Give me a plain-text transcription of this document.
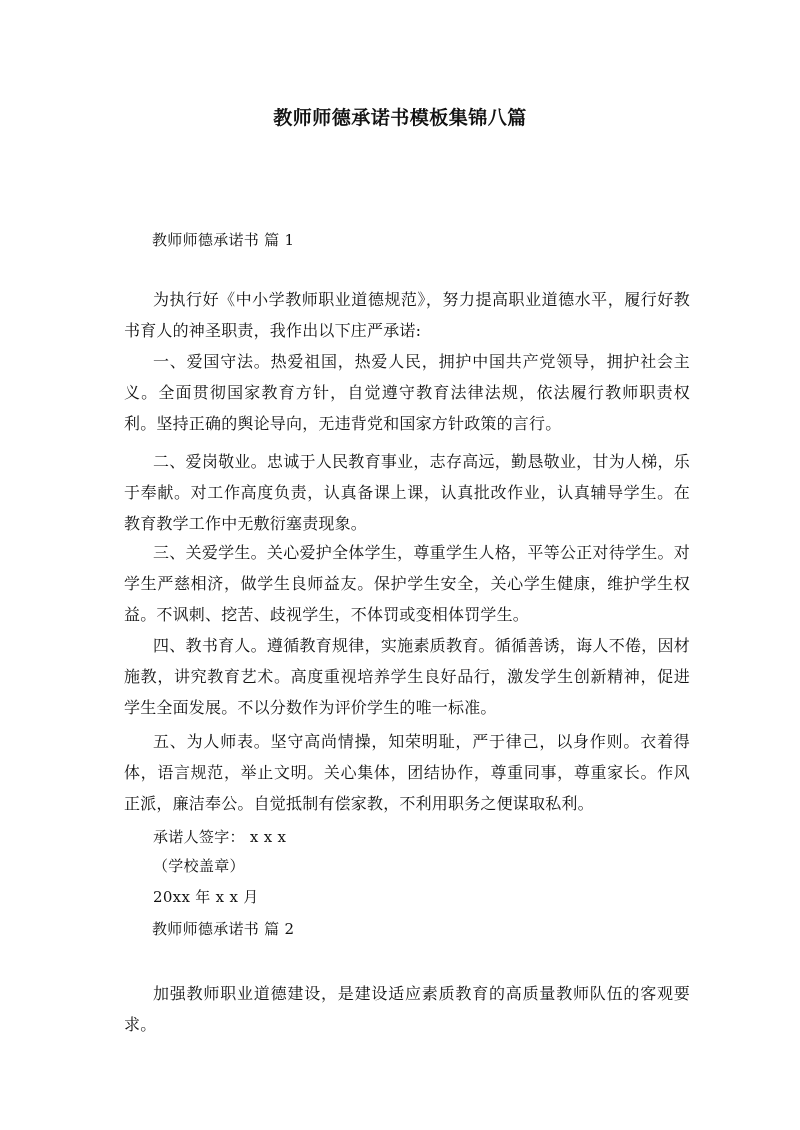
教师师德承诺书模板集锦八篇
教师师德承诺书 篇 1
为执行好《中小学教师职业道德规范》，努力提高职业道德水平，履行好教书育人的神圣职责，我作出以下庄严承诺:
一、爱国守法。热爱祖国，热爱人民，拥护中国共产党领导，拥护社会主义。全面贯彻国家教育方针，自觉遵守教育法律法规，依法履行教师职责权利。坚持正确的舆论导向，无违背党和国家方针政策的言行。
二、爱岗敬业。忠诚于人民教育事业，志存高远，勤恳敬业，甘为人梯，乐于奉献。对工作高度负责，认真备课上课，认真批改作业，认真辅导学生。在教育教学工作中无敷衍塞责现象。
三、关爱学生。关心爱护全体学生，尊重学生人格，平等公正对待学生。对学生严慈相济，做学生良师益友。保护学生安全，关心学生健康，维护学生权益。不讽刺、挖苦、歧视学生，不体罚或变相体罚学生。
四、教书育人。遵循教育规律，实施素质教育。循循善诱，诲人不倦，因材施教，讲究教育艺术。高度重视培养学生良好品行，激发学生创新精神，促进学生全面发展。不以分数作为评价学生的唯一标准。
五、为人师表。坚守高尚情操，知荣明耻，严于律己，以身作则。衣着得体，语言规范，举止文明。关心集体，团结协作，尊重同事，尊重家长。作风正派，廉洁奉公。自觉抵制有偿家教，不利用职务之便谋取私利。
承诺人签字： x x x
（学校盖章）
20xx 年 x x 月
教师师德承诺书 篇 2
加强教师职业道德建设，是建设适应素质教育的高质量教师队伍的客观要求。
